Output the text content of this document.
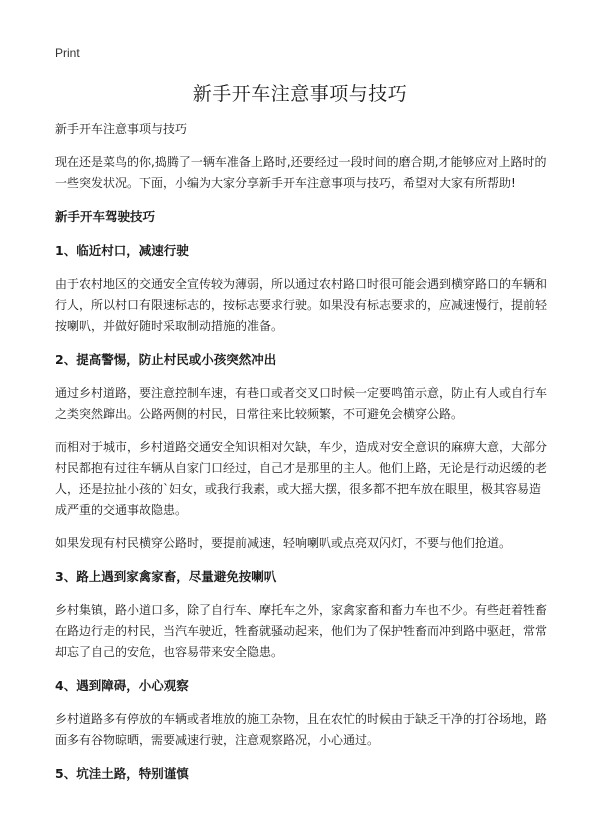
Print
新手开车注意事项与技巧

新手开车注意事项与技巧

现在还是菜鸟的你,捣腾了一辆车准备上路时,还要经过一段时间的磨合期,才能够应对上路时的一些突发状况。下面，小编为大家分享新手开车注意事项与技巧，希望对大家有所帮助!

新手开车驾驶技巧
1、临近村口，减速行驶

由于农村地区的交通安全宣传较为薄弱，所以通过农村路口时很可能会遇到横穿路口的车辆和行人，所以村口有限速标志的，按标志要求行驶。如果没有标志要求的，应减速慢行，提前轻按喇叭，并做好随时采取制动措施的准备。

2、提高警惕，防止村民或小孩突然冲出

通过乡村道路，要注意控制车速，有巷口或者交叉口时候一定要鸣笛示意，防止有人或自行车之类突然蹿出。公路两侧的村民，日常往来比较频繁，不可避免会横穿公路。

而相对于城市，乡村道路交通安全知识相对欠缺，车少，造成对安全意识的麻痹大意，大部分村民都抱有过往车辆从自家门口经过，自己才是那里的主人。他们上路，无论是行动迟缓的老人，还是拉扯小孩的`妇女，或我行我素，或大摇大摆，很多都不把车放在眼里，极其容易造成严重的交通事故隐患。

如果发现有村民横穿公路时，要提前减速，轻响喇叭或点亮双闪灯，不要与他们抢道。

3、路上遇到家禽家畜，尽量避免按喇叭

乡村集镇，路小道口多，除了自行车、摩托车之外，家禽家畜和畜力车也不少。有些赶着牲畜在路边行走的村民，当汽车驶近，牲畜就骚动起来，他们为了保护牲畜而冲到路中驱赶，常常却忘了自己的安危，也容易带来安全隐患。

4、遇到障碍，小心观察

乡村道路多有停放的车辆或者堆放的施工杂物，且在农忙的时候由于缺乏干净的打谷场地，路面多有谷物晾晒，需要减速行驶，注意观察路况，小心通过。

5、坑洼土路，特别谨慎
